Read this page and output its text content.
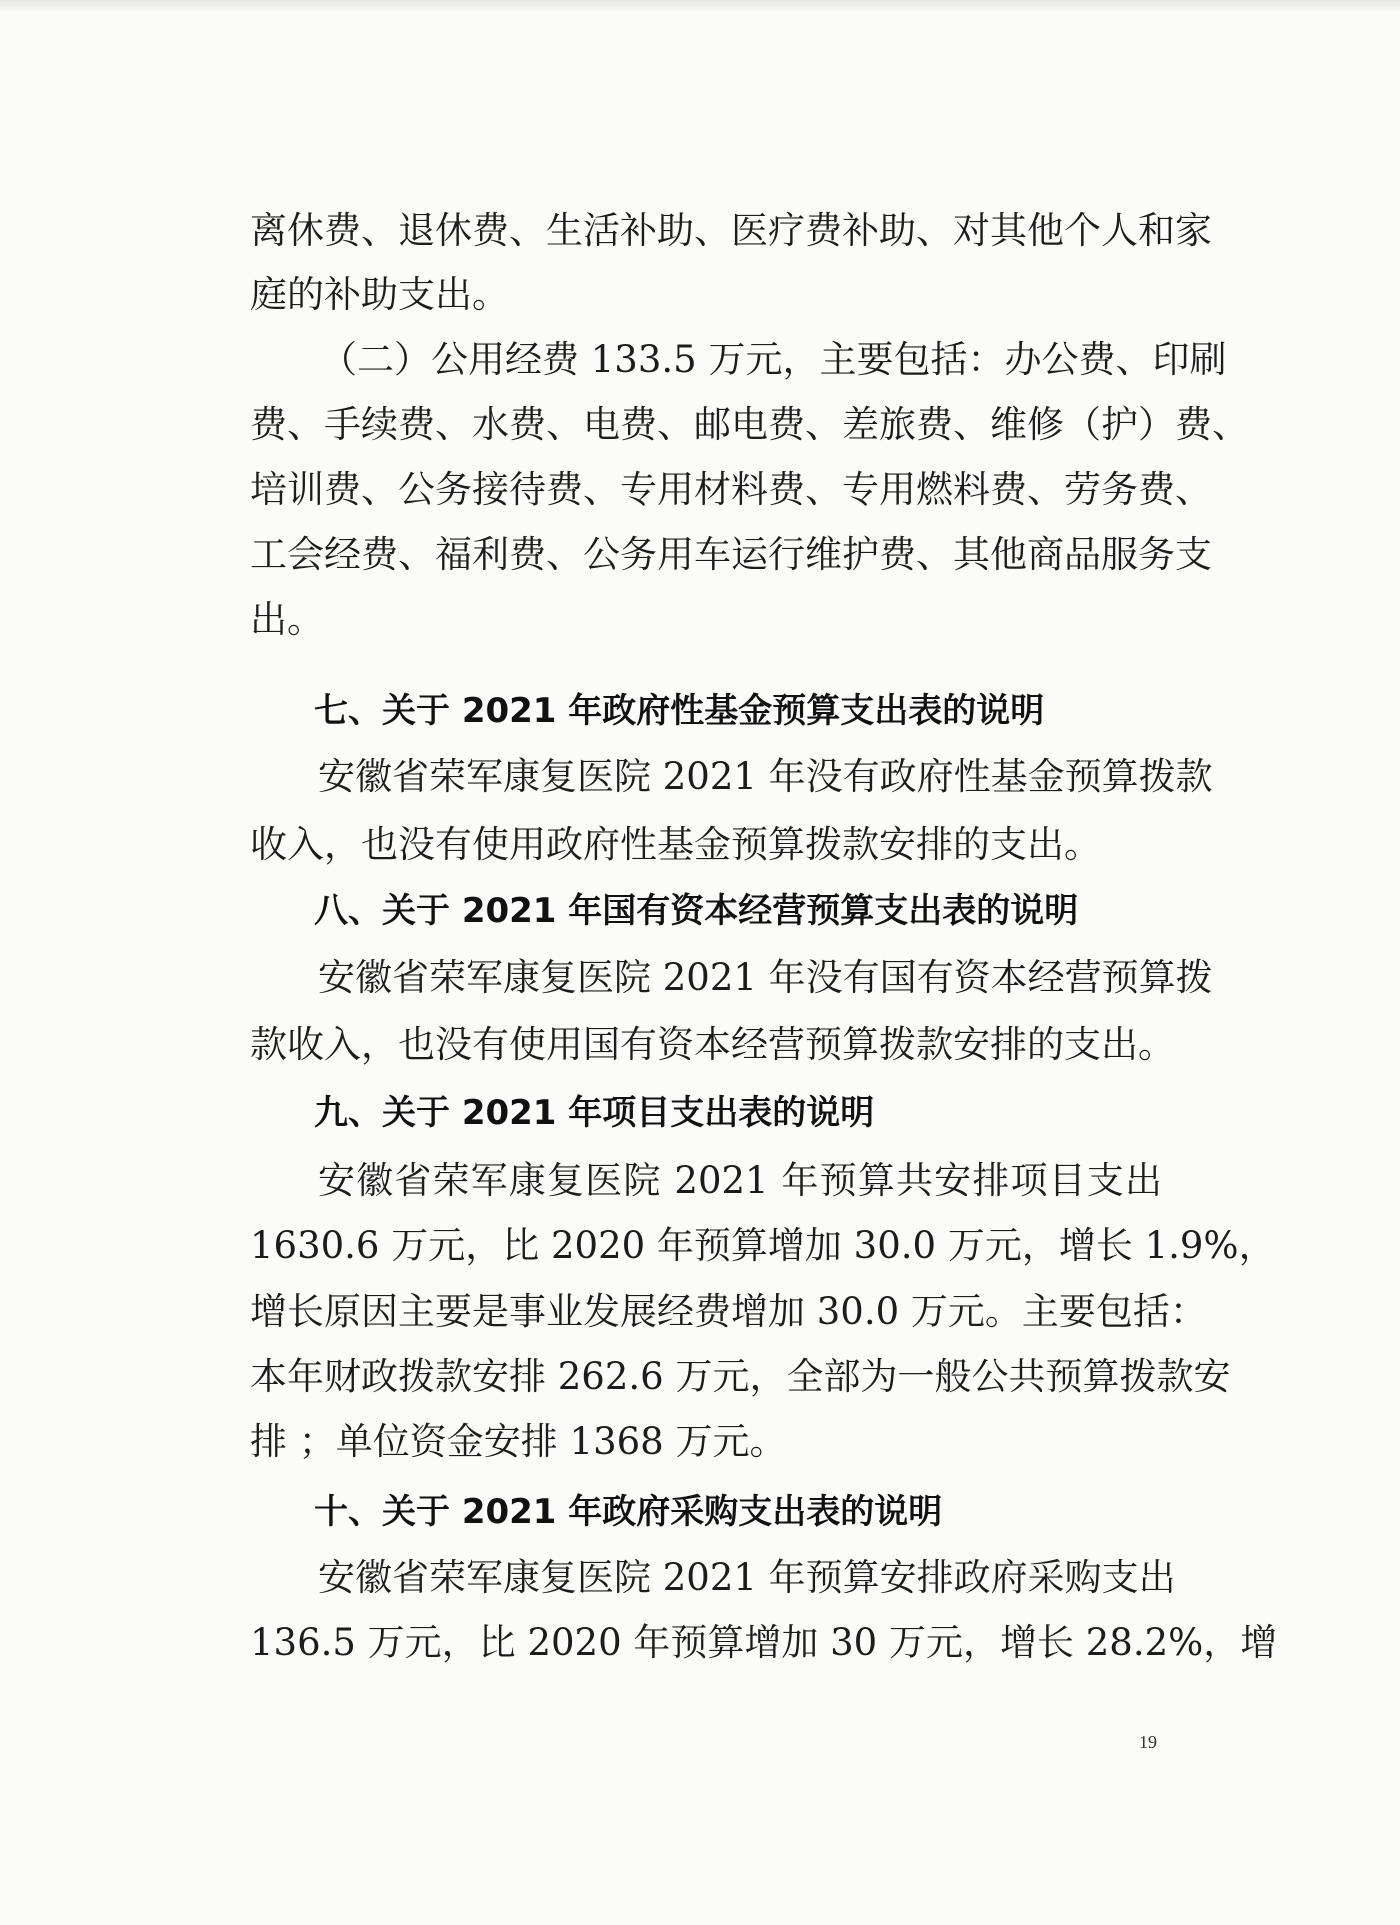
离休费、退休费、生活补助、医疗费补助、对其他个人和家
庭的补助支出。
（二）公用经费 133.5 万元，主要包括：办公费、印刷
费、手续费、水费、电费、邮电费、差旅费、维修（护）费、
培训费、公务接待费、专用材料费、专用燃料费、劳务费、
工会经费、福利费、公务用车运行维护费、其他商品服务支
出。
七、关于 2021 年政府性基金预算支出表的说明
安徽省荣军康复医院 2021 年没有政府性基金预算拨款
收入，也没有使用政府性基金预算拨款安排的支出。
八、关于 2021 年国有资本经营预算支出表的说明
安徽省荣军康复医院 2021 年没有国有资本经营预算拨
款收入，也没有使用国有资本经营预算拨款安排的支出。
九、关于 2021 年项目支出表的说明
安徽省荣军康复医院 2021 年预算共安排项目支出
1630.6 万元，比 2020 年预算增加 30.0 万元，增长 1.9%，
增长原因主要是事业发展经费增加 30.0 万元。主要包括：
本年财政拨款安排 262.6 万元，全部为一般公共预算拨款安
排 ；单位资金安排 1368 万元。
十、关于 2021 年政府采购支出表的说明
安徽省荣军康复医院 2021 年预算安排政府采购支出
136.5 万元，比 2020 年预算增加 30 万元，增长 28.2%，增
19
